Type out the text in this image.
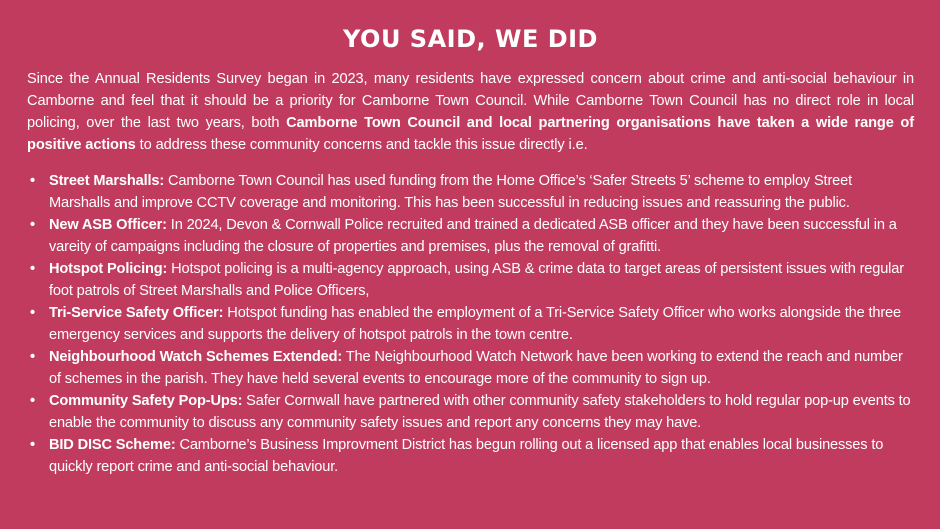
YOU SAID, WE DID

Since the Annual Residents Survey began in 2023, many residents have expressed concern about crime and anti-social behaviour in Camborne and feel that it should be a priority for Camborne Town Council. While Camborne Town Council has no direct role in local policing, over the last two years, both Camborne Town Council and local partnering organisations have taken a wide range of positive actions to address these community concerns and tackle this issue directly i.e.

• Street Marshalls: Camborne Town Council has used funding from the Home Office’s ‘Safer Streets 5’ scheme to employ Street Marshalls and improve CCTV coverage and monitoring. This has been successful in reducing issues and reassuring the public.
• New ASB Officer: In 2024, Devon & Cornwall Police recruited and trained a dedicated ASB officer and they have been successful in a vareity of campaigns including the closure of properties and premises, plus the removal of grafitti.
• Hotspot Policing: Hotspot policing is a multi-agency approach, using ASB & crime data to target areas of persistent issues with regular foot patrols of Street Marshalls and Police Officers,
• Tri-Service Safety Officer: Hotspot funding has enabled the employment of a Tri-Service Safety Officer who works alongside the three emergency services and supports the delivery of hotspot patrols in the town centre.
• Neighbourhood Watch Schemes Extended: The Neighbourhood Watch Network have been working to extend the reach and number of schemes in the parish. They have held several events to encourage more of the community to sign up.
• Community Safety Pop-Ups: Safer Cornwall have partnered with other community safety stakeholders to hold regular pop-up events to enable the community to discuss any community safety issues and report any concerns they may have.
• BID DISC Scheme: Camborne’s Business Improvment District has begun rolling out a licensed app that enables local businesses to quickly report crime and anti-social behaviour.
